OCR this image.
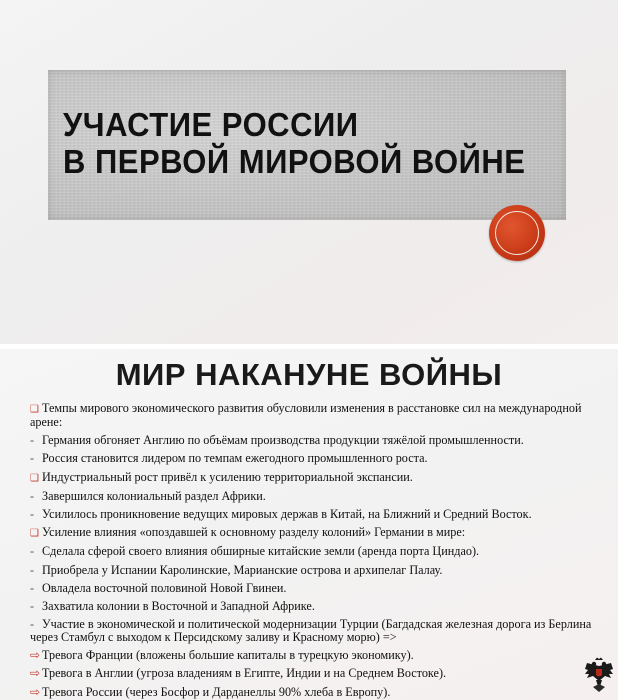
УЧАСТИЕ РОССИИ
В ПЕРВОЙ МИРОВОЙ ВОЙНЕ
МИР НАКАНУНЕ ВОЙНЫ
❑ Темпы мирового экономического развития обусловили изменения в расстановке сил на международной арене:
- Германия обгоняет Англию по объёмам производства продукции тяжёлой промышленности.
- Россия становится лидером по темпам ежегодного промышленного роста.
❑ Индустриальный рост привёл к усилению территориальной экспансии.
- Завершился колониальный раздел Африки.
- Усилилось проникновение ведущих мировых держав в Китай, на Ближний и Средний Восток.
❑ Усиление влияния «опоздавшей к основному разделу колоний» Германии в мире:
- Сделала сферой своего влияния обширные китайские земли (аренда порта Циндао).
- Приобрела у Испании Каролинские, Марианские острова и архипелаг Палау.
- Овладела восточной половиной Новой Гвинеи.
- Захватила колонии в Восточной и Западной Африке.
- Участие в экономической и политической модернизации Турции (Багдадская железная дорога из Берлина через Стамбул с выходом к Персидскому заливу и Красному морю) =>
⇨ Тревога Франции (вложены большие капиталы в турецкую экономику).
⇨ Тревога в Англии (угроза владениям в Египте, Индии и на Среднем Востоке).
⇨ Тревога России (через Босфор и Дарданеллы 90% хлеба в Европу).
